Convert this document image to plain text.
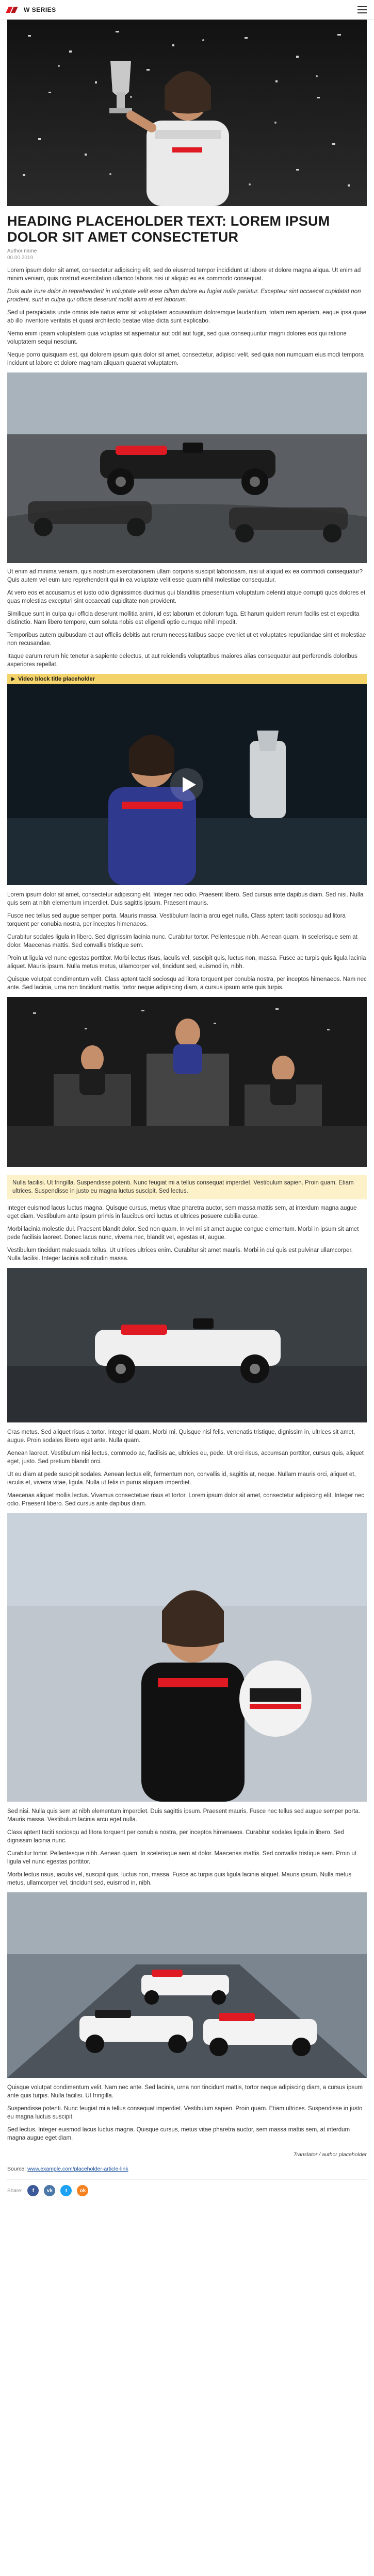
W SERIES
HEADING PLACEHOLDER TEXT: LOREM IPSUM DOLOR SIT AMET CONSECTETUR
Author name
00.00.2019

Lorem ipsum dolor sit amet, consectetur adipiscing elit, sed do eiusmod tempor incididunt ut labore et dolore magna aliqua. Ut enim ad minim veniam, quis nostrud exercitation ullamco laboris nisi ut aliquip ex ea commodo consequat.

Duis aute irure dolor in reprehenderit in voluptate velit esse cillum dolore eu fugiat nulla pariatur. Excepteur sint occaecat cupidatat non proident, sunt in culpa qui officia deserunt mollit anim id est laborum.

Sed ut perspiciatis unde omnis iste natus error sit voluptatem accusantium doloremque laudantium, totam rem aperiam, eaque ipsa quae ab illo inventore veritatis et quasi architecto beatae vitae dicta sunt explicabo.

Nemo enim ipsam voluptatem quia voluptas sit aspernatur aut odit aut fugit, sed quia consequuntur magni dolores eos qui ratione voluptatem sequi nesciunt.

Neque porro quisquam est, qui dolorem ipsum quia dolor sit amet, consectetur, adipisci velit, sed quia non numquam eius modi tempora incidunt ut labore et dolore magnam aliquam quaerat voluptatem.

Ut enim ad minima veniam, quis nostrum exercitationem ullam corporis suscipit laboriosam, nisi ut aliquid ex ea commodi consequatur? Quis autem vel eum iure reprehenderit qui in ea voluptate velit esse quam nihil molestiae consequatur.

At vero eos et accusamus et iusto odio dignissimos ducimus qui blanditiis praesentium voluptatum deleniti atque corrupti quos dolores et quas molestias excepturi sint occaecati cupiditate non provident.

Similique sunt in culpa qui officia deserunt mollitia animi, id est laborum et dolorum fuga. Et harum quidem rerum facilis est et expedita distinctio. Nam libero tempore, cum soluta nobis est eligendi optio cumque nihil impedit.

Temporibus autem quibusdam et aut officiis debitis aut rerum necessitatibus saepe eveniet ut et voluptates repudiandae sint et molestiae non recusandae.

Itaque earum rerum hic tenetur a sapiente delectus, ut aut reiciendis voluptatibus maiores alias consequatur aut perferendis doloribus asperiores repellat.

Video block title placeholder

Lorem ipsum dolor sit amet, consectetur adipiscing elit. Integer nec odio. Praesent libero. Sed cursus ante dapibus diam. Sed nisi. Nulla quis sem at nibh elementum imperdiet. Duis sagittis ipsum. Praesent mauris.

Fusce nec tellus sed augue semper porta. Mauris massa. Vestibulum lacinia arcu eget nulla. Class aptent taciti sociosqu ad litora torquent per conubia nostra, per inceptos himenaeos.

Curabitur sodales ligula in libero. Sed dignissim lacinia nunc. Curabitur tortor. Pellentesque nibh. Aenean quam. In scelerisque sem at dolor. Maecenas mattis. Sed convallis tristique sem.

Proin ut ligula vel nunc egestas porttitor. Morbi lectus risus, iaculis vel, suscipit quis, luctus non, massa. Fusce ac turpis quis ligula lacinia aliquet. Mauris ipsum. Nulla metus metus, ullamcorper vel, tincidunt sed, euismod in, nibh.

Quisque volutpat condimentum velit. Class aptent taciti sociosqu ad litora torquent per conubia nostra, per inceptos himenaeos. Nam nec ante. Sed lacinia, urna non tincidunt mattis, tortor neque adipiscing diam, a cursus ipsum ante quis turpis.

Nulla facilisi. Ut fringilla. Suspendisse potenti. Nunc feugiat mi a tellus consequat imperdiet. Vestibulum sapien. Proin quam. Etiam ultrices. Suspendisse in justo eu magna luctus suscipit. Sed lectus.

Integer euismod lacus luctus magna. Quisque cursus, metus vitae pharetra auctor, sem massa mattis sem, at interdum magna augue eget diam. Vestibulum ante ipsum primis in faucibus orci luctus et ultrices posuere cubilia curae.

Morbi lacinia molestie dui. Praesent blandit dolor. Sed non quam. In vel mi sit amet augue congue elementum. Morbi in ipsum sit amet pede facilisis laoreet. Donec lacus nunc, viverra nec, blandit vel, egestas et, augue.

Vestibulum tincidunt malesuada tellus. Ut ultrices ultrices enim. Curabitur sit amet mauris. Morbi in dui quis est pulvinar ullamcorper. Nulla facilisi. Integer lacinia sollicitudin massa.

Cras metus. Sed aliquet risus a tortor. Integer id quam. Morbi mi. Quisque nisl felis, venenatis tristique, dignissim in, ultrices sit amet, augue. Proin sodales libero eget ante. Nulla quam.

Aenean laoreet. Vestibulum nisi lectus, commodo ac, facilisis ac, ultricies eu, pede. Ut orci risus, accumsan porttitor, cursus quis, aliquet eget, justo. Sed pretium blandit orci.

Ut eu diam at pede suscipit sodales. Aenean lectus elit, fermentum non, convallis id, sagittis at, neque. Nullam mauris orci, aliquet et, iaculis et, viverra vitae, ligula. Nulla ut felis in purus aliquam imperdiet.

Maecenas aliquet mollis lectus. Vivamus consectetuer risus et tortor. Lorem ipsum dolor sit amet, consectetur adipiscing elit. Integer nec odio. Praesent libero. Sed cursus ante dapibus diam.

Sed nisi. Nulla quis sem at nibh elementum imperdiet. Duis sagittis ipsum. Praesent mauris. Fusce nec tellus sed augue semper porta. Mauris massa. Vestibulum lacinia arcu eget nulla.

Class aptent taciti sociosqu ad litora torquent per conubia nostra, per inceptos himenaeos. Curabitur sodales ligula in libero. Sed dignissim lacinia nunc.

Curabitur tortor. Pellentesque nibh. Aenean quam. In scelerisque sem at dolor. Maecenas mattis. Sed convallis tristique sem. Proin ut ligula vel nunc egestas porttitor.

Morbi lectus risus, iaculis vel, suscipit quis, luctus non, massa. Fusce ac turpis quis ligula lacinia aliquet. Mauris ipsum. Nulla metus metus, ullamcorper vel, tincidunt sed, euismod in, nibh.

Quisque volutpat condimentum velit. Nam nec ante. Sed lacinia, urna non tincidunt mattis, tortor neque adipiscing diam, a cursus ipsum ante quis turpis. Nulla facilisi. Ut fringilla.

Suspendisse potenti. Nunc feugiat mi a tellus consequat imperdiet. Vestibulum sapien. Proin quam. Etiam ultrices. Suspendisse in justo eu magna luctus suscipit.

Sed lectus. Integer euismod lacus luctus magna. Quisque cursus, metus vitae pharetra auctor, sem massa mattis sem, at interdum magna augue eget diam.

Translator / author placeholder
Source: www.example.com/placeholder-article-link
Share:	f	vk	t	ok
